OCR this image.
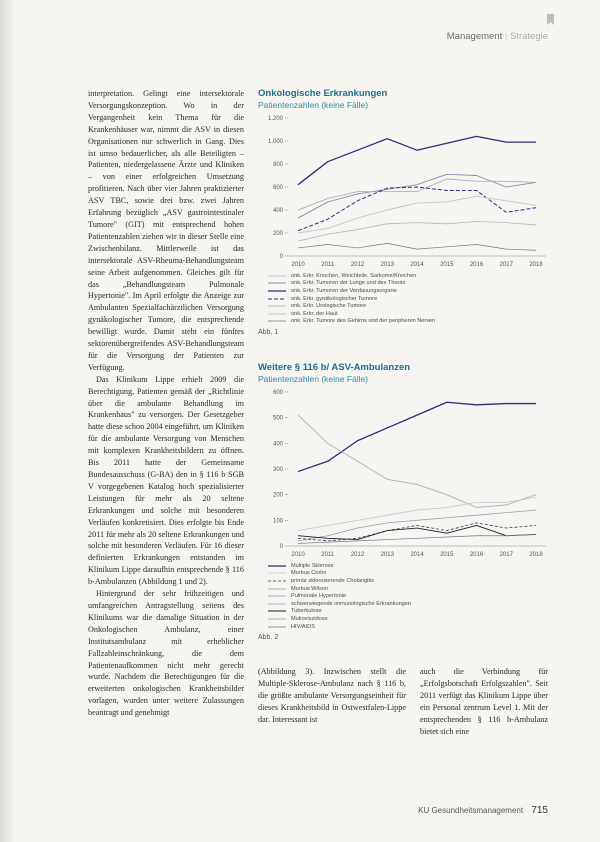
Management | Strategie

interpretation. Gelingt eine intersektorale Versorgungskonzeption. Wo in der Vergangenheit kein Thema für die Krankenhäuser war, nimmt die ASV in diesen Organisationen nur schwerlich in Gang. Dies ist umso bedauerlicher, als alle Beteiligten – Patienten, niedergelassene Ärzte und Kliniken – von einer erfolgreichen Umsetzung profitieren. Nach über vier Jahren praktizierter ASV TBC, sowie drei bzw. zwei Jahren Erfahrung bezüglich „ASV gastrointestinaler Tumore" (GIT) mit entsprechend hohen Patientenzahlen ziehen wir in dieser Stelle eine Zwischenbilanz. Mittlerweile ist das intersektorale ASV-Rheuma-Behandlungsteam seine Arbeit aufgenommen. Gleiches gilt für das „Behandlungsteam Pulmonale Hypertonie". Im April erfolgte die Anzeige zur Ambulanten Spezialfachärztlichen Versorgung gynäkologischer Tumore, die entsprechende bewilligt wurde. Damit steht ein fünftes sektorenübergreifendes ASV-Behandlungsteam für die Versorgung der Patienten zur Verfügung.

Das Klinikum Lippe erhielt 2009 die Berechtigung, Patienten gemäß der „Richtlinie über die ambulante Behandlung im Krankenhaus" zu versorgen. Der Gesetzgeber hatte diese schon 2004 eingeführt, um Kliniken für die ambulante Versorgung von Menschen mit komplexen Krankheitsbildern zu öffnen. Bis 2011 hatte der Gemeinsame Bundesausschuss (G-BA) den in § 116 b SGB V vorgegebenen Katalog hoch spezialisierter Leistungen für mehr als 20 seltene Erkrankungen und solche mit besonderen Verläufen konkretisiert. Dies erfolgte bis Ende 2011 für mehr als 20 seltene Erkrankungen und solche mit besonderen Verläufen. Für 16 dieser definierten Erkrankungen entstanden im Klinikum Lippe daraufhin entsprechende § 116 b-Ambulanzen (Abbildung 1 und 2).

Hintergrund der sehr frühzeitigen und umfangreichen Antragstellung seitens des Klinikums war die damalige Situation in der Onkologischen Ambulanz, einer Institutsambulanz mit erheblicher Fallzahleinschränkung, die dem Patientenaufkommen nicht mehr gerecht wurde. Nachdem die Berechtigungen für die erweiterten onkologischen Krankheitsbilder vorlagen, wurden unter weitere Zulassungen beantragt und genehmigt

Onkologische Erkrankungen

Patientenzahlen (keine Fälle)

0
200
400
600
800
1.000
1.200
2010	2011	2012	2013	2014	2015	2016	2017	2018
onk. Erkr. Knochen, Weichteile, Sarkome/Knochen
onk. Erkr. Tumoren der Lunge und des Thorax
onk. Erkr. Tumoren der Verdauungsorgane
onk. Erkr. gynäkologischer Tumore
onk. Erkr. Urologische Tumore
onk. Erkr. der Haut
onk. Erkr. Tumore des Gehirns und der peripheren Nerven
Abb. 1

Weitere § 116 b/ ASV-Ambulanzen

Patientenzahlen (keine Fälle)

0
100
200
300
400
500
600
2010	2011	2012	2013	2014	2015	2016	2017	2018
Multiple Sklerose
Morbus Crohn
primär sklerosierende Cholangitis
Morbus Wilson
Pulmonale Hypertonie
schwerwiegende immunologische Erkrankungen
Tuberkulose
Mukoviszidose
HIV/AIDS
Abb. 2

(Abbildung 3). Inzwischen stellt die Multiple-Sklerose-Ambulanz nach § 116 b, die größte ambulante Versorgungseinheit für dieses Krankheitsbild in Ostwestfalen-Lippe dar. Interessant ist

auch die Verbindung für „Erfolgsbotschaft Erfolgszahlen". Seit 2011 verfügt das Klinikum Lippe über ein Personal zentrum Level 1. Mit der entsprechenden § 116 b-Ambulanz bietet sich eine

KU Gesundheitsmanagement 715
